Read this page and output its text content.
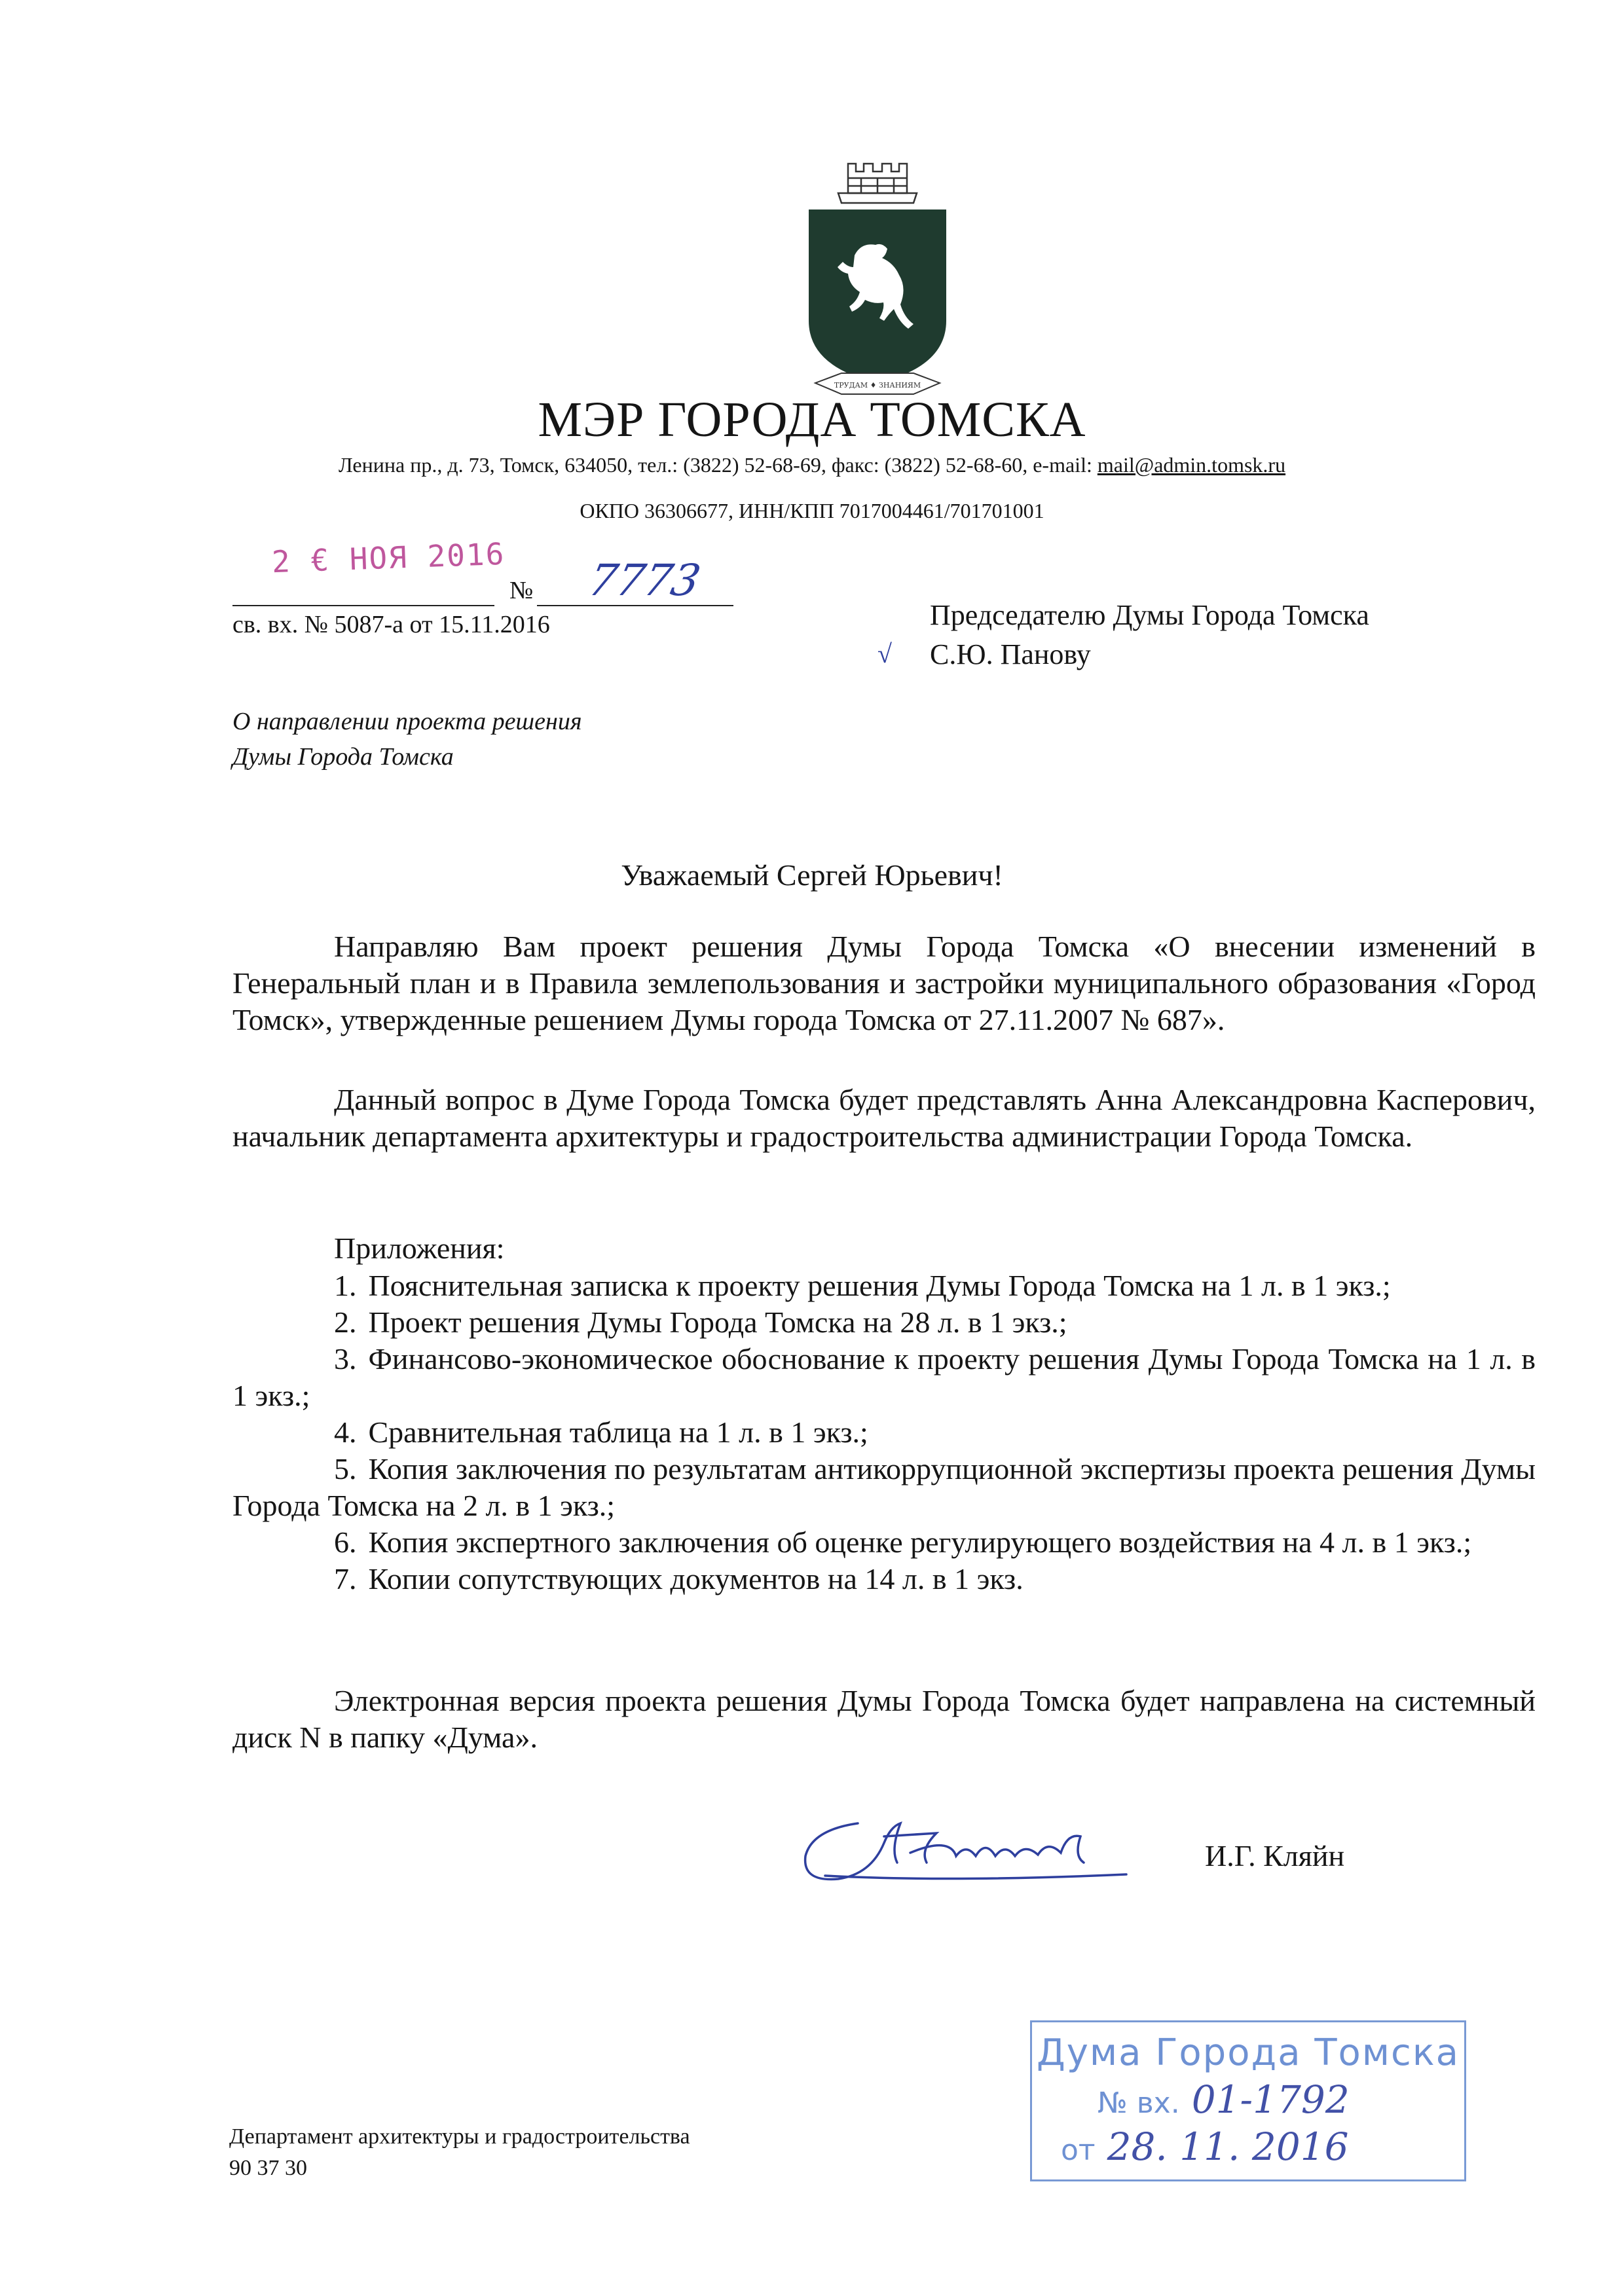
ТРУДАМ ♦ ЗНАНИЯМ
МЭР ГОРОДА ТОМСКА
Ленина пр., д. 73, Томск, 634050, тел.: (3822) 52-68-69, факс: (3822) 52-68-60, e-mail: mail@admin.tomsk.ru
ОКПО 36306677, ИНН/КПП 7017004461/701701001
2 € НОЯ 2016
№ 7773
св. вх. № 5087-а от 15.11.2016
√
Председателю Думы Города Томска
С.Ю. Панову
О направлении проекта решения
Думы Города Томска
Уважаемый Сергей Юрьевич!

Направляю Вам проект решения Думы Города Томска «О внесении изменений в Генеральный план и в Правила землепользования и застройки муниципального образования «Город Томск», утвержденные решением Думы города Томска от 27.11.2007 № 687».

Данный вопрос в Думе Города Томска будет представлять Анна Александровна Касперович, начальник департамента архитектуры и градостроительства администрации Города Томска.

Приложения:
1. Пояснительная записка к проекту решения Думы Города Томска на 1 л. в 1 экз.;
2. Проект решения Думы Города Томска на 28 л. в 1 экз.;
3. Финансово-экономическое обоснование к проекту решения Думы Города Томска на 1 л. в 1 экз.;
4. Сравнительная таблица на 1 л. в 1 экз.;
5. Копия заключения по результатам антикоррупционной экспертизы проекта решения Думы Города Томска на 2 л. в 1 экз.;
6. Копия экспертного заключения об оценке регулирующего воздействия на 4 л. в 1 экз.;
7. Копии сопутствующих документов на 14 л. в 1 экз.

Электронная версия проекта решения Думы Города Томска будет направлена на системный диск N в папку «Дума».

И.Г. Кляйн
Дума Города Томска
№ вх. 01-1792
от 28. 11. 2016
Департамент архитектуры и градостроительства
90 37 30
